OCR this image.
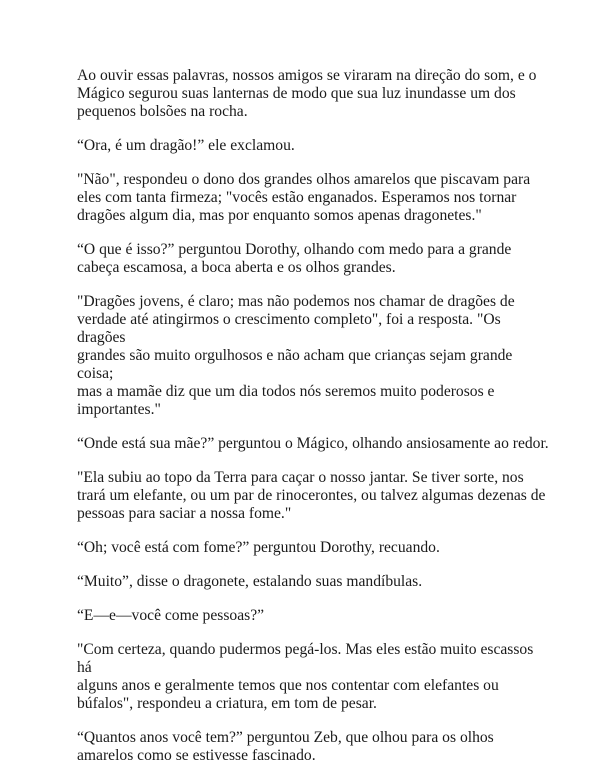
Ao ouvir essas palavras, nossos amigos se viraram na direção do som, e o
Mágico segurou suas lanternas de modo que sua luz inundasse um dos
pequenos bolsões na rocha.

“Ora, é um dragão!” ele exclamou.

"Não", respondeu o dono dos grandes olhos amarelos que piscavam para
eles com tanta firmeza; "vocês estão enganados. Esperamos nos tornar
dragões algum dia, mas por enquanto somos apenas dragonetes."

“O que é isso?” perguntou Dorothy, olhando com medo para a grande
cabeça escamosa, a boca aberta e os olhos grandes.

"Dragões jovens, é claro; mas não podemos nos chamar de dragões de
verdade até atingirmos o crescimento completo", foi a resposta. "Os dragões
grandes são muito orgulhosos e não acham que crianças sejam grande coisa;
mas a mamãe diz que um dia todos nós seremos muito poderosos e
importantes."

“Onde está sua mãe?” perguntou o Mágico, olhando ansiosamente ao redor.

"Ela subiu ao topo da Terra para caçar o nosso jantar. Se tiver sorte, nos
trará um elefante, ou um par de rinocerontes, ou talvez algumas dezenas de
pessoas para saciar a nossa fome."

“Oh; você está com fome?” perguntou Dorothy, recuando.

“Muito”, disse o dragonete, estalando suas mandíbulas.

“E—e—você come pessoas?”

"Com certeza, quando pudermos pegá-los. Mas eles estão muito escassos há
alguns anos e geralmente temos que nos contentar com elefantes ou
búfalos", respondeu a criatura, em tom de pesar.

“Quantos anos você tem?” perguntou Zeb, que olhou para os olhos
amarelos como se estivesse fascinado.
